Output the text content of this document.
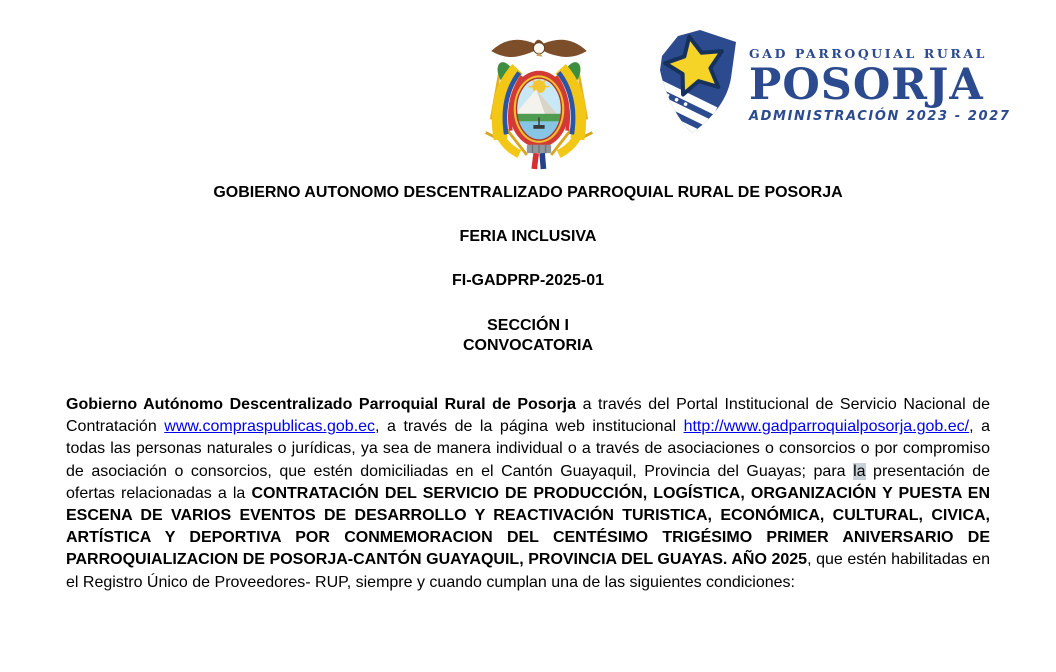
GAD PARROQUIAL RURAL
POSORJA
ADMINISTRACIÓN 2023 - 2027
GOBIERNO AUTONOMO DESCENTRALIZADO PARROQUIAL RURAL DE POSORJA
FERIA INCLUSIVA
FI-GADPRP-2025-01
SECCIÓN I
CONVOCATORIA

Gobierno Autónomo Descentralizado Parroquial Rural de Posorja a través del Portal Institucional de Servicio Nacional de Contratación www.compraspublicas.gob.ec, a través de la página web institucional http://www.gadparroquialposorja.gob.ec/, a todas las personas naturales o jurídicas, ya sea de manera individual o a través de asociaciones o consorcios o por compromiso de asociación o consorcios, que estén domiciliadas en el Cantón Guayaquil, Provincia del Guayas; para la presentación de ofertas relacionadas a la CONTRATACIÓN DEL SERVICIO DE PRODUCCIÓN, LOGÍSTICA, ORGANIZACIÓN Y PUESTA EN ESCENA DE VARIOS EVENTOS DE DESARROLLO Y REACTIVACIÓN TURISTICA, ECONÓMICA, CULTURAL, CIVICA, ARTÍSTICA Y DEPORTIVA POR CONMEMORACION DEL CENTÉSIMO TRIGÉSIMO PRIMER ANIVERSARIO DE PARROQUIALIZACION DE POSORJA-CANTÓN GUAYAQUIL, PROVINCIA DEL GUAYAS. AÑO 2025, que estén habilitadas en el Registro Único de Proveedores- RUP, siempre y cuando cumplan una de las siguientes condiciones:
